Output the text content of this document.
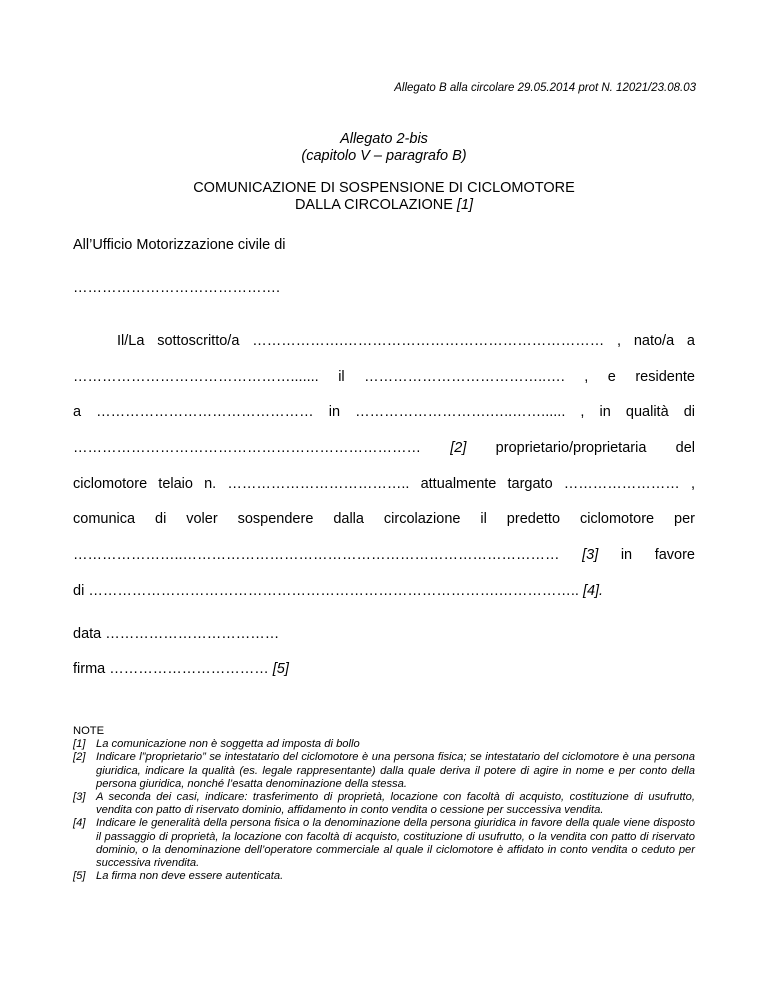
Allegato B alla circolare 29.05.2014 prot N. 12021/23.08.03
Allegato 2-bis
(capitolo V – paragrafo B)
COMUNICAZIONE DI SOSPENSIONE DI CICLOMOTORE
DALLA CIRCOLAZIONE [1]
All’Ufficio Motorizzazione civile di
…………………………………….
Il/La sottoscritto/a ……………….……………………………………………… , nato/a a
………………………………………....... il ………………………………..…. , e residente
a ……………………………………… in ……………………….…..……...... , in qualità di
……………………………………………………………… [2] proprietario/proprietaria del
ciclomotore telaio n. ……………………………….. attualmente targato …………………… ,
comunica di voler sospendere dalla circolazione il predetto ciclomotore per
…………………..…………………………………………………………………… [3] in favore
di ………………………………………………………………………….…………….. [4].
data ………………………………
firma …………………………… [5]
NOTE
[1] La comunicazione non è soggetta ad imposta di bollo
[2] Indicare l”proprietario” se intestatario del ciclomotore è una persona fisica; se intestatario del ciclomotore è una persona giuridica, indicare la qualità (es. legale rappresentante) dalla quale deriva il potere di agire in nome e per conto della persona giuridica, nonché l’esatta denominazione della stessa.
[3] A seconda dei casi, indicare: trasferimento di proprietà, locazione con facoltà di acquisto, costituzione di usufrutto, vendita con patto di riservato dominio, affidamento in conto vendita o cessione per successiva vendita.
[4] Indicare le generalità della persona fisica o la denominazione della persona giuridica in favore della quale viene disposto il passaggio di proprietà, la locazione con facoltà di acquisto, costituzione di usufrutto, o la vendita con patto di riservato dominio, o la denominazione dell’operatore commerciale al quale il ciclomotore è affidato in conto vendita o ceduto per successiva rivendita.
[5] La firma non deve essere autenticata.
